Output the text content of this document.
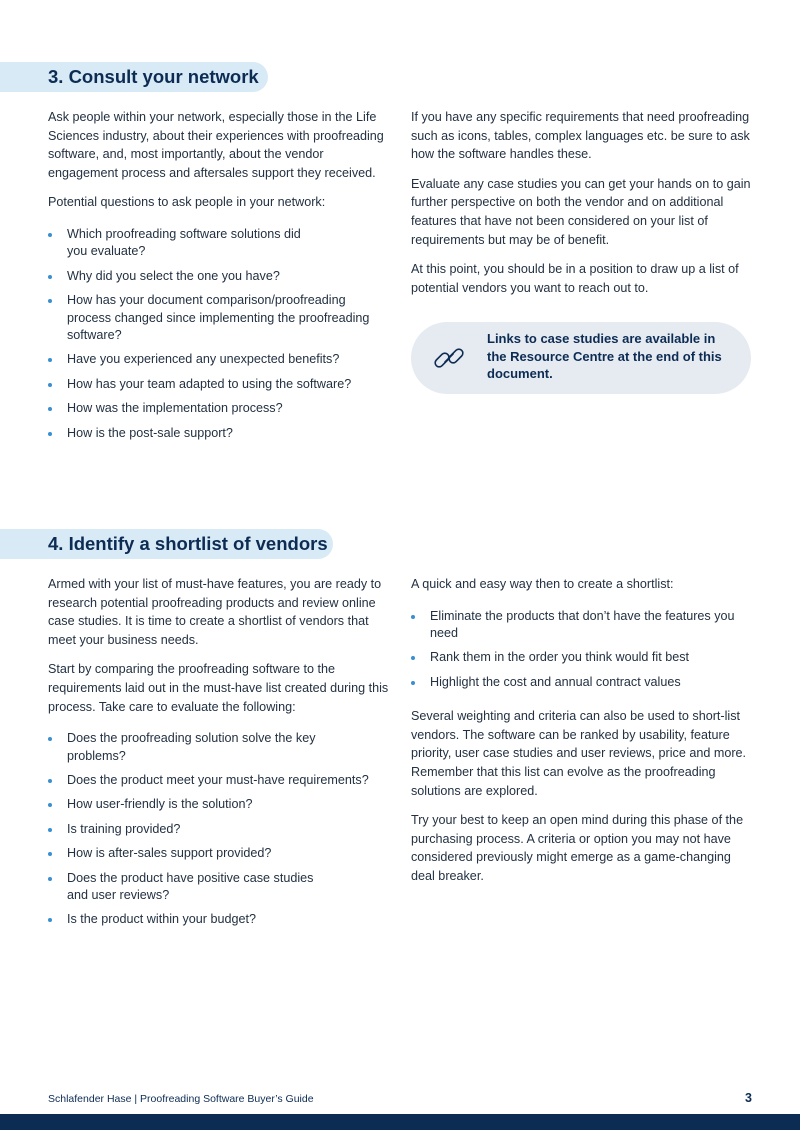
3. Consult your network

Ask people within your network, especially those in the Life Sciences industry, about their experiences with proofreading software, and, most importantly, about the vendor engagement process and aftersales support they received.

Potential questions to ask people in your network:

Which proofreading software solutions did you evaluate?
Why did you select the one you have?
How has your document comparison/proofreading process changed since implementing the proofreading software?
Have you experienced any unexpected benefits?
How has your team adapted to using the software?
How was the implementation process?
How is the post-sale support?

If you have any specific requirements that need proofreading such as icons, tables, complex languages etc. be sure to ask how the software handles these.

Evaluate any case studies you can get your hands on to gain further perspective on both the vendor and on additional features that have not been considered on your list of requirements but may be of benefit.

At this point, you should be in a position to draw up a list of potential vendors you want to reach out to.

Links to case studies are available in the Resource Centre at the end of this document.
4. Identify a shortlist of vendors

Armed with your list of must-have features, you are ready to research potential proofreading products and review online case studies. It is time to create a shortlist of vendors that meet your business needs.

Start by comparing the proofreading software to the requirements laid out in the must-have list created during this process. Take care to evaluate the following:

Does the proofreading solution solve the key problems?
Does the product meet your must-have requirements?
How user-friendly is the solution?
Is training provided?
How is after-sales support provided?
Does the product have positive case studies and user reviews?
Is the product within your budget?

A quick and easy way then to create a shortlist:

Eliminate the products that don’t have the features you need
Rank them in the order you think would fit best
Highlight the cost and annual contract values

Several weighting and criteria can also be used to short-list vendors. The software can be ranked by usability, feature priority, user case studies and user reviews, price and more. Remember that this list can evolve as the proofreading solutions are explored.

Try your best to keep an open mind during this phase of the purchasing process. A criteria or option you may not have considered previously might emerge as a game-changing deal breaker.

Schlafender Hase | Proofreading Software Buyer’s Guide	3
